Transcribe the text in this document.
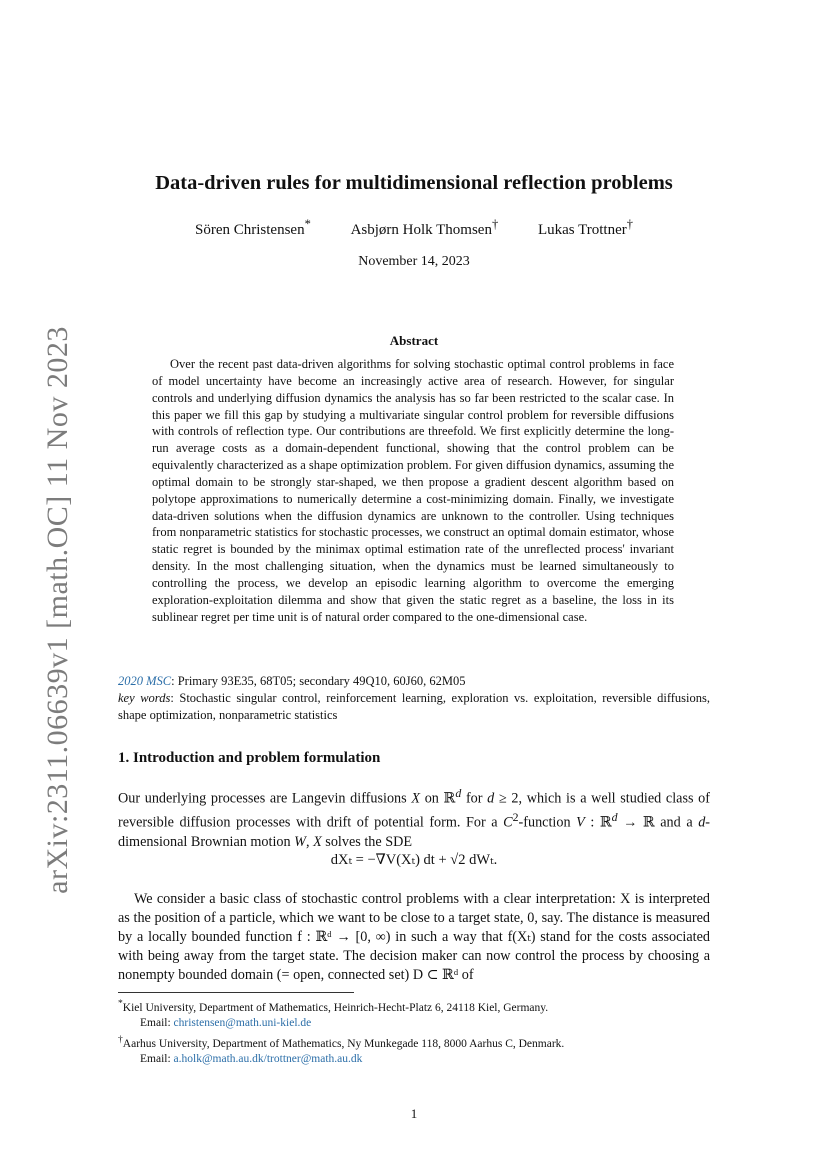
arXiv:2311.06639v1 [math.OC] 11 Nov 2023
Data-driven rules for multidimensional reflection problems
Sören Christensen*	Asbjørn Holk Thomsen†	Lukas Trottner†
November 14, 2023
Abstract

Over the recent past data-driven algorithms for solving stochastic optimal control problems in face of model uncertainty have become an increasingly active area of research. However, for singular controls and underlying diffusion dynamics the analysis has so far been restricted to the scalar case. In this paper we fill this gap by studying a multivariate singular control problem for reversible diffusions with controls of reflection type. Our contributions are threefold. We first explicitly determine the long-run average costs as a domain-dependent functional, showing that the control problem can be equivalently characterized as a shape optimization problem. For given diffusion dynamics, assuming the optimal domain to be strongly star-shaped, we then propose a gradient descent algorithm based on polytope approximations to numerically determine a cost-minimizing domain. Finally, we investigate data-driven solutions when the diffusion dynamics are unknown to the controller. Using techniques from nonparametric statistics for stochastic processes, we construct an optimal domain estimator, whose static regret is bounded by the minimax optimal estimation rate of the unreflected process' invariant density. In the most challenging situation, when the dynamics must be learned simultaneously to controlling the process, we develop an episodic learning algorithm to overcome the emerging exploration-exploitation dilemma and show that given the static regret as a baseline, the loss in its sublinear regret per time unit is of natural order compared to the one-dimensional case.

2020 MSC: Primary 93E35, 68T05; secondary 49Q10, 60J60, 62M05

key words: Stochastic singular control, reinforcement learning, exploration vs. exploitation, reversible diffusions, shape optimization, nonparametric statistics

1. Introduction and problem formulation

Our underlying processes are Langevin diffusions X on ℝ$^d$ for d ≥ 2, which is a well studied class of reversible diffusion processes with drift of potential form. For a $C^2$-function V : ℝ$^d$ → ℝ and a d-dimensional Brownian motion W, X solves the SDE

dXₜ = −∇V(Xₜ) dt + √2 dWₜ.

We consider a basic class of stochastic control problems with a clear interpretation: X is interpreted as the position of a particle, which we want to be close to a target state, 0, say. The distance is measured by a locally bounded function f : ℝᵈ → [0, ∞) in such a way that f(Xₜ) stand for the costs associated with being away from the target state. The decision maker can now control the process by choosing a nonempty bounded domain (= open, connected set) D ⊂ ℝᵈ of

*Kiel University, Department of Mathematics, Heinrich-Hecht-Platz 6, 24118 Kiel, Germany.

Email: christensen@math.uni-kiel.de

†Aarhus University, Department of Mathematics, Ny Munkegade 118, 8000 Aarhus C, Denmark.

Email: a.holk@math.au.dk/trottner@math.au.dk

1
